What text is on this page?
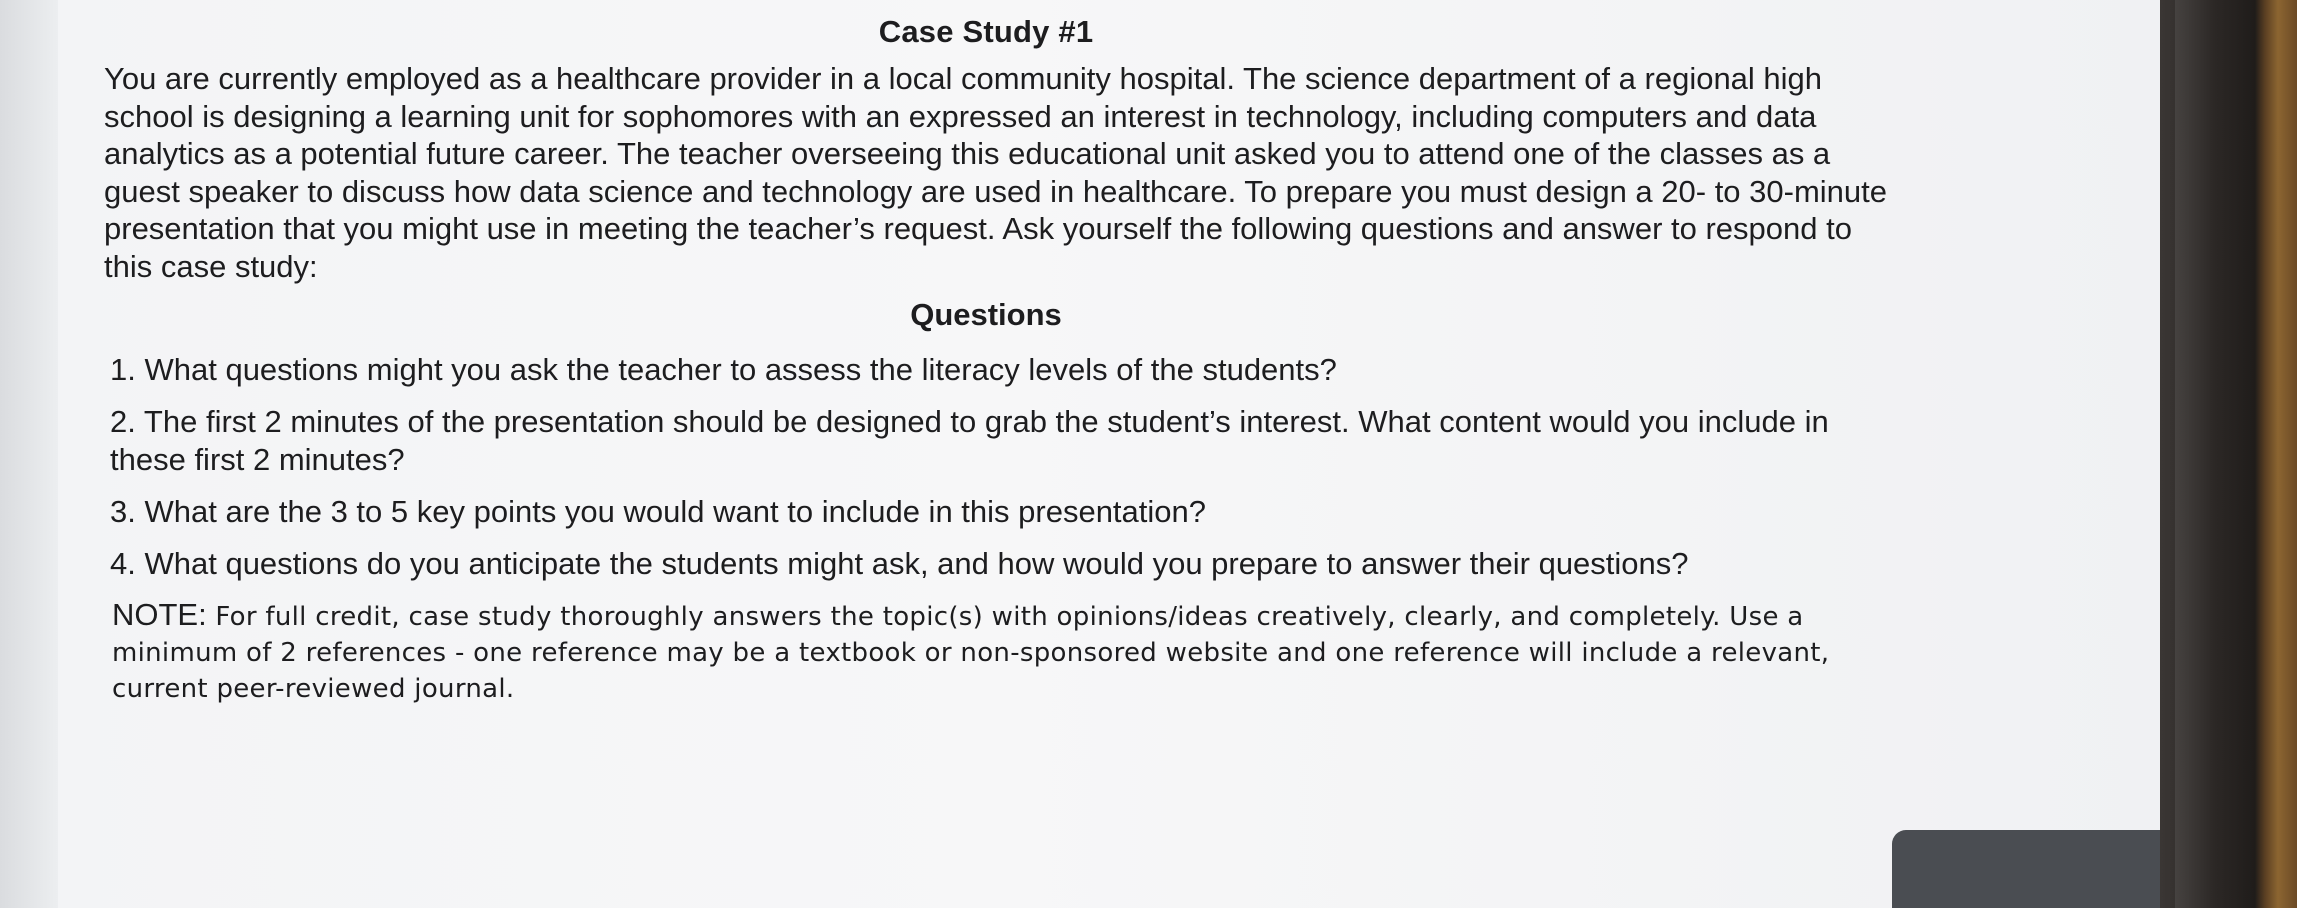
Case Study #1
You are currently employed as a healthcare provider in a local community hospital. The science department of a regional high school is designing a learning unit for sophomores with an expressed an interest in technology, including computers and data analytics as a potential future career. The teacher overseeing this educational unit asked you to attend one of the classes as a guest speaker to discuss how data science and technology are used in healthcare. To prepare you must design a 20- to 30-minute presentation that you might use in meeting the teacher’s request. Ask yourself the following questions and answer to respond to this case study:
Questions
1. What questions might you ask the teacher to assess the literacy levels of the students?
2. The first 2 minutes of the presentation should be designed to grab the student’s interest. What content would you include in these first 2 minutes?
3. What are the 3 to 5 key points you would want to include in this presentation?
4. What questions do you anticipate the students might ask, and how would you prepare to answer their questions?
NOTE: For full credit, case study thoroughly answers the topic(s) with opinions/ideas creatively, clearly, and completely. Use a minimum of 2 references - one reference may be a textbook or non-sponsored website and one reference will include a relevant, current peer-reviewed journal.
